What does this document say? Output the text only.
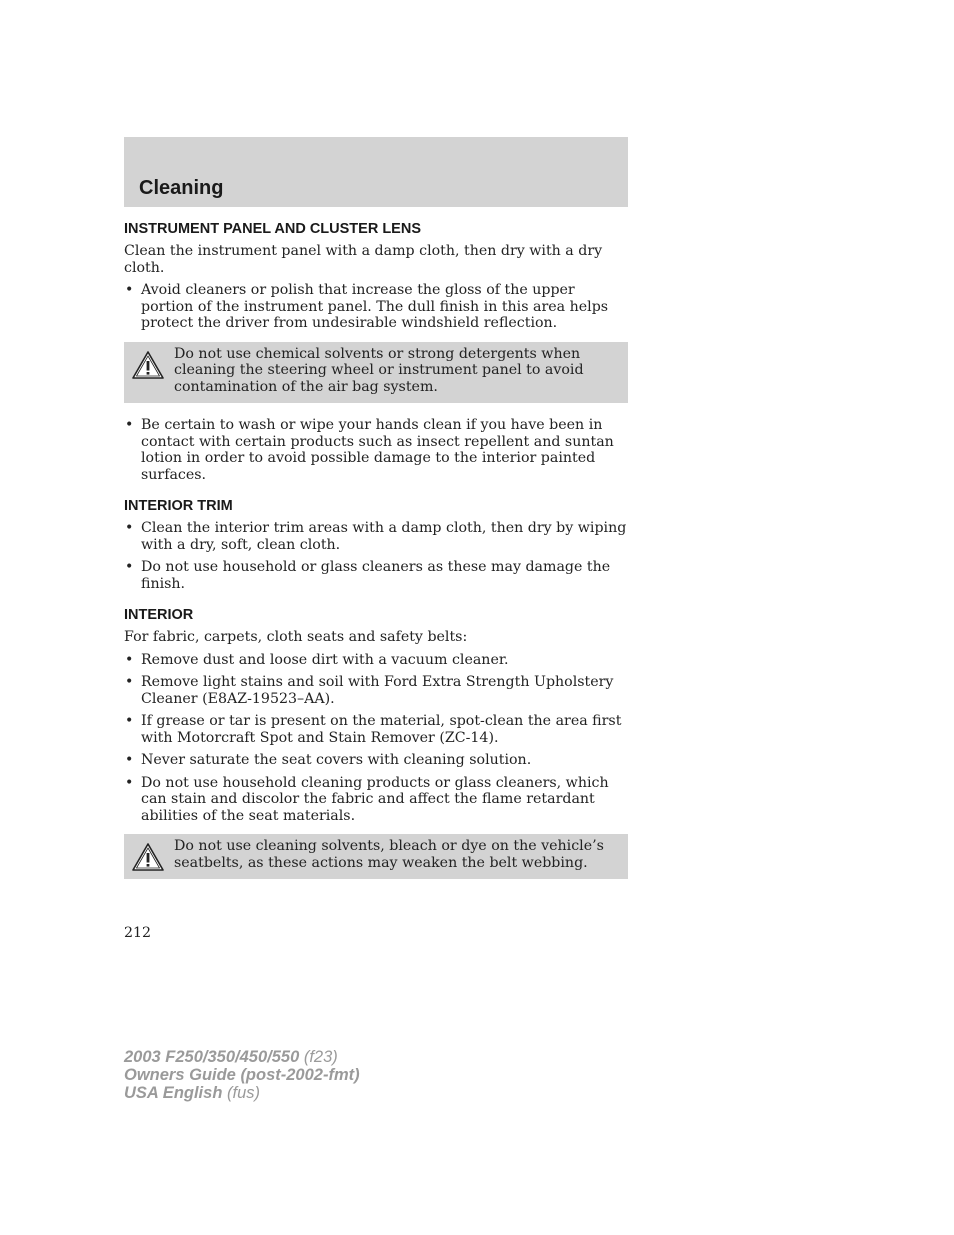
Cleaning
INSTRUMENT PANEL AND CLUSTER LENS

Clean the instrument panel with a damp cloth, then dry with a dry cloth.

• Avoid cleaners or polish that increase the gloss of the upper portion of the instrument panel. The dull finish in this area helps protect the driver from undesirable windshield reflection.
Do not use chemical solvents or strong detergents when cleaning the steering wheel or instrument panel to avoid contamination of the air bag system.
• Be certain to wash or wipe your hands clean if you have been in contact with certain products such as insect repellent and suntan lotion in order to avoid possible damage to the interior painted surfaces.
INTERIOR TRIM
• Clean the interior trim areas with a damp cloth, then dry by wiping with a dry, soft, clean cloth.
• Do not use household or glass cleaners as these may damage the finish.
INTERIOR

For fabric, carpets, cloth seats and safety belts:

• Remove dust and loose dirt with a vacuum cleaner.
• Remove light stains and soil with Ford Extra Strength Upholstery Cleaner (E8AZ-19523–AA).
• If grease or tar is present on the material, spot-clean the area first with Motorcraft Spot and Stain Remover (ZC-14).
• Never saturate the seat covers with cleaning solution.
• Do not use household cleaning products or glass cleaners, which can stain and discolor the fabric and affect the flame retardant abilities of the seat materials.
Do not use cleaning solvents, bleach or dye on the vehicle’s seatbelts, as these actions may weaken the belt webbing.
212
2003 F250/350/450/550 (f23)
Owners Guide (post-2002-fmt)
USA English (fus)
